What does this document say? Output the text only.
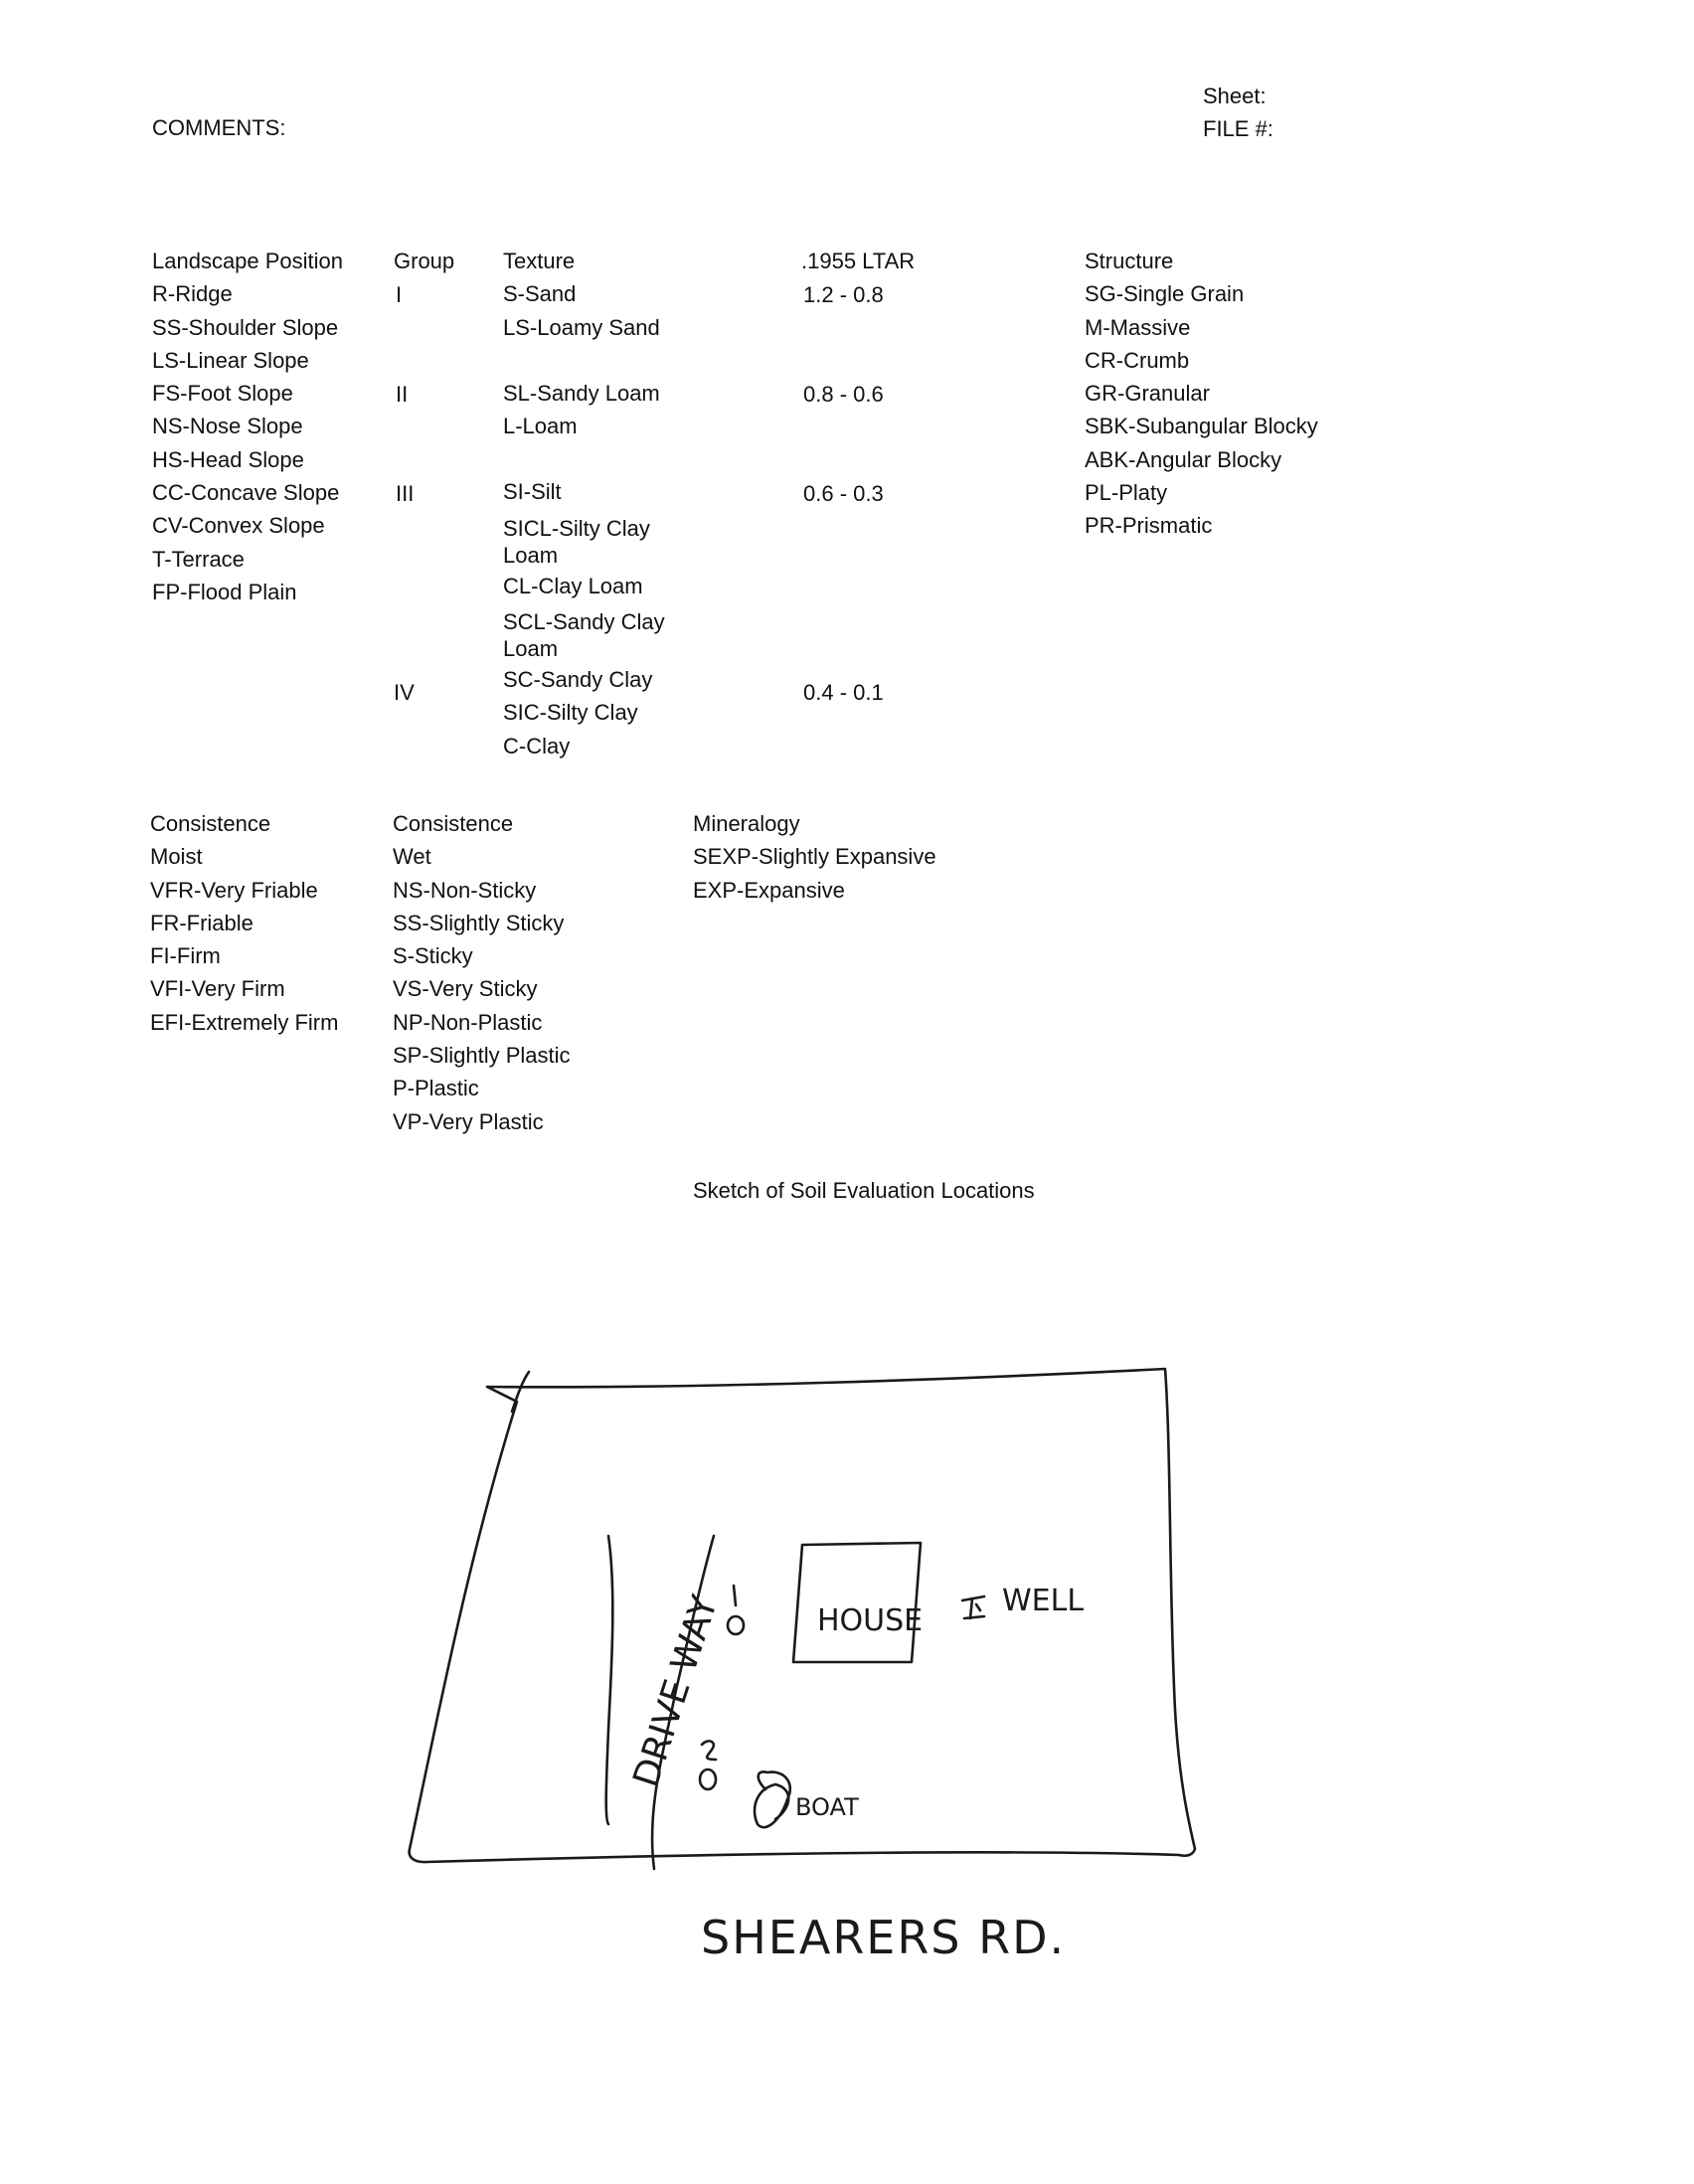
COMMENTS:
Sheet:
FILE #:
Landscape Position
R-Ridge
SS-Shoulder Slope
LS-Linear Slope
FS-Foot Slope
NS-Nose Slope
HS-Head Slope
CC-Concave Slope
CV-Convex Slope
T-Terrace
FP-Flood Plain
Group
I
II
III
IV
Texture
S-Sand
LS-Loamy Sand
SL-Sandy Loam
L-Loam
SI-Silt
SICL-Silty Clay Loam
CL-Clay Loam
SCL-Sandy Clay Loam
SC-Sandy Clay
SIC-Silty Clay
C-Clay
.1955 LTAR
1.2 - 0.8
0.8 - 0.6
0.6 - 0.3
0.4 - 0.1
Structure
SG-Single Grain
M-Massive
CR-Crumb
GR-Granular
SBK-Subangular Blocky
ABK-Angular Blocky
PL-Platy
PR-Prismatic
Consistence
Moist
VFR-Very Friable
FR-Friable
FI-Firm
VFI-Very Firm
EFI-Extremely Firm
Consistence
Wet
NS-Non-Sticky
SS-Slightly Sticky
S-Sticky
VS-Very Sticky
NP-Non-Plastic
SP-Slightly Plastic
P-Plastic
VP-Very Plastic
Mineralogy
SEXP-Slightly Expansive
EXP-Expansive
Sketch of Soil Evaluation Locations
DRIVE WAY	HOUSE
WELL
BOAT
SHEARERS RD.
